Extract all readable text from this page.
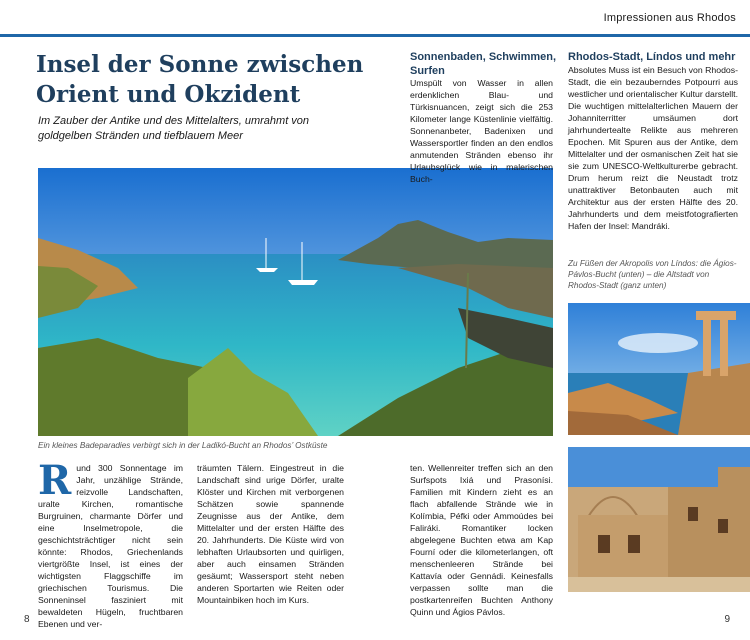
Impressionen aus Rhodos
Insel der Sonne zwischen Orient und Okzident
Im Zauber der Antike und des Mittelalters, umrahmt von goldgelben Stränden und tiefblauem Meer
Ein kleines Badeparadies verbirgt sich in der Ladikó-Bucht an Rhodos’ Ostküste
Rund 300 Sonnentage im Jahr, unzählige Strände, reizvolle Landschaften, uralte Kirchen, romantische Burgruinen, charmante Dörfer und eine Inselmetropole, die geschichtsträchtiger nicht sein könnte: Rhodos, Griechenlands viertgrößte Insel, ist eines der wichtigsten Flaggschiffe im griechischen Tourismus. Die Sonneninsel fasziniert mit bewaldeten Hügeln, fruchtbaren Ebenen und ver-
träumten Tälern. Eingestreut in die Landschaft sind urige Dörfer, uralte Klöster und Kirchen mit verborgenen Schätzen sowie spannende Zeugnisse aus der Antike, dem Mittelalter und der ersten Hälfte des 20. Jahrhunderts. Die Küste wird von lebhaften Urlaubsorten und quirligen, aber auch einsamen Stränden gesäumt; Wassersport steht neben anderen Sportarten wie Reiten oder Mountainbiken hoch im Kurs.
Sonnenbaden, Schwimmen, Surfen
Umspült von Wasser in allen erdenklichen Blau- und Türkisnuancen, zeigt sich die 253 Kilometer lange Küstenlinie vielfältig. Sonnenanbeter, Badenixen und Wassersportler finden an den endlos anmutenden Stränden ebenso ihr Urlaubsglück wie in malerischen Buch-
ten. Wellenreiter treffen sich an den Surfspots Ixiá und Prasonísi. Familien mit Kindern zieht es an flach abfallende Strände wie in Kolímbia, Péfki oder Ammoúdes bei Faliráki. Romantiker locken abgelegene Buchten etwa am Kap Fourní oder die kilometerlangen, oft menschenleeren Strände bei Kattavía oder Gennádi. Keinesfalls verpassen sollte man die postkartenreifen Buchten Anthony Quinn und Ágios Pávlos.
Rhodos-Stadt, Líndos und mehr
Absolutes Muss ist ein Besuch von Rhodos-Stadt, die ein bezauberndes Potpourri aus westlicher und orientalischer Kultur darstellt. Die wuchtigen mittelalterlichen Mauern der Johanniterritter umsäumen dort jahrhundertealte Relikte aus mehreren Epochen. Mit Spuren aus der Antike, dem Mittelalter und der osmanischen Zeit hat sie sie zum UNESCO-Weltkulturerbe gebracht. Drum herum reizt die Neustadt trotz unattraktiver Betonbauten auch mit Architektur aus der ersten Hälfte des 20. Jahrhunderts und dem meistfotografierten Hafen der Insel: Mandráki.
Zu Füßen der Akropolis von Líndos: die Ágios-Pávlos-Bucht (unten) – die Altstadt von Rhodos-Stadt (ganz unten)
8	9
